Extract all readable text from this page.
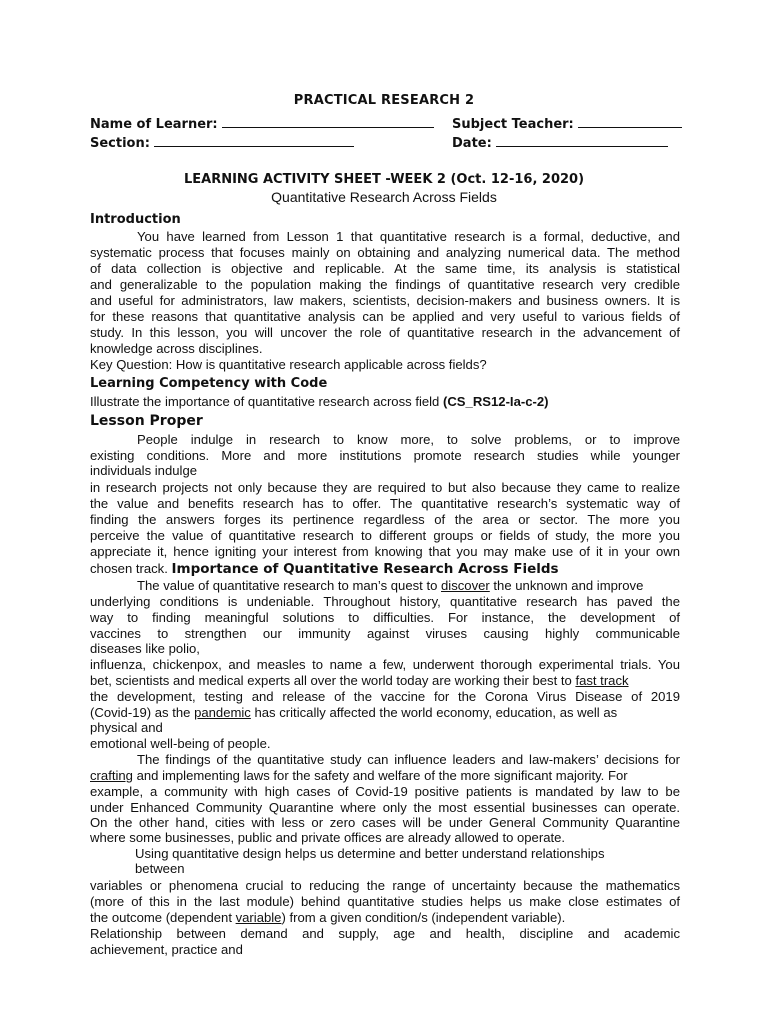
PRACTICAL RESEARCH 2
Name of Learner:	Subject Teacher:
Section:	Date:
LEARNING ACTIVITY SHEET -WEEK 2 (Oct. 12-16, 2020)
Quantitative Research Across Fields
Introduction
You have learned from Lesson 1 that quantitative research is a formal, deductive, and
systematic process that focuses mainly on obtaining and analyzing numerical data. The method
of data collection is objective and replicable. At the same time, its analysis is statistical
and generalizable to the population making the findings of quantitative research very credible
and useful for administrators, law makers, scientists, decision-makers and business owners. It is
for these reasons that quantitative analysis can be applied and very useful to various fields of
study. In this lesson, you will uncover the role of quantitative research in the advancement of
knowledge across disciplines.
Key Question: How is quantitative research applicable across fields?
Learning Competency with Code
Illustrate the importance of quantitative research across field (CS_RS12-Ia-c-2)
Lesson Proper
People indulge in research to know more, to solve problems, or to improve
existing conditions. More and more institutions promote research studies while younger
individuals indulge
in research projects not only because they are required to but also because they came to realize
the value and benefits research has to offer. The quantitative research’s systematic way of
finding the answers forges its pertinence regardless of the area or sector. The more you
perceive the value of quantitative research to different groups or fields of study, the more you
appreciate it, hence igniting your interest from knowing that you may make use of it in your own
chosen track. Importance of Quantitative Research Across Fields
The value of quantitative research to man’s quest to discover the unknown and improve
underlying conditions is undeniable. Throughout history, quantitative research has paved the
way to finding meaningful solutions to difficulties. For instance, the development of
vaccines to strengthen our immunity against viruses causing highly communicable
diseases like polio,
influenza, chickenpox, and measles to name a few, underwent thorough experimental trials. You
bet, scientists and medical experts all over the world today are working their best to fast track
the development, testing and release of the vaccine for the Corona Virus Disease of 2019
(Covid-19) as the pandemic has critically affected the world economy, education, as well as
physical and
emotional well-being of people.
The findings of the quantitative study can influence leaders and law-makers’ decisions for
crafting and implementing laws for the safety and welfare of the more significant majority. For
example, a community with high cases of Covid-19 positive patients is mandated by law to be
under Enhanced Community Quarantine where only the most essential businesses can operate.
On the other hand, cities with less or zero cases will be under General Community Quarantine
where some businesses, public and private offices are already allowed to operate.
Using quantitative design helps us determine and better understand relationships
between
variables or phenomena crucial to reducing the range of uncertainty because the mathematics
(more of this in the last module) behind quantitative studies helps us make close estimates of
the outcome (dependent variable) from a given condition/s (independent variable).
Relationship between demand and supply, age and health, discipline and academic
achievement, practice and
